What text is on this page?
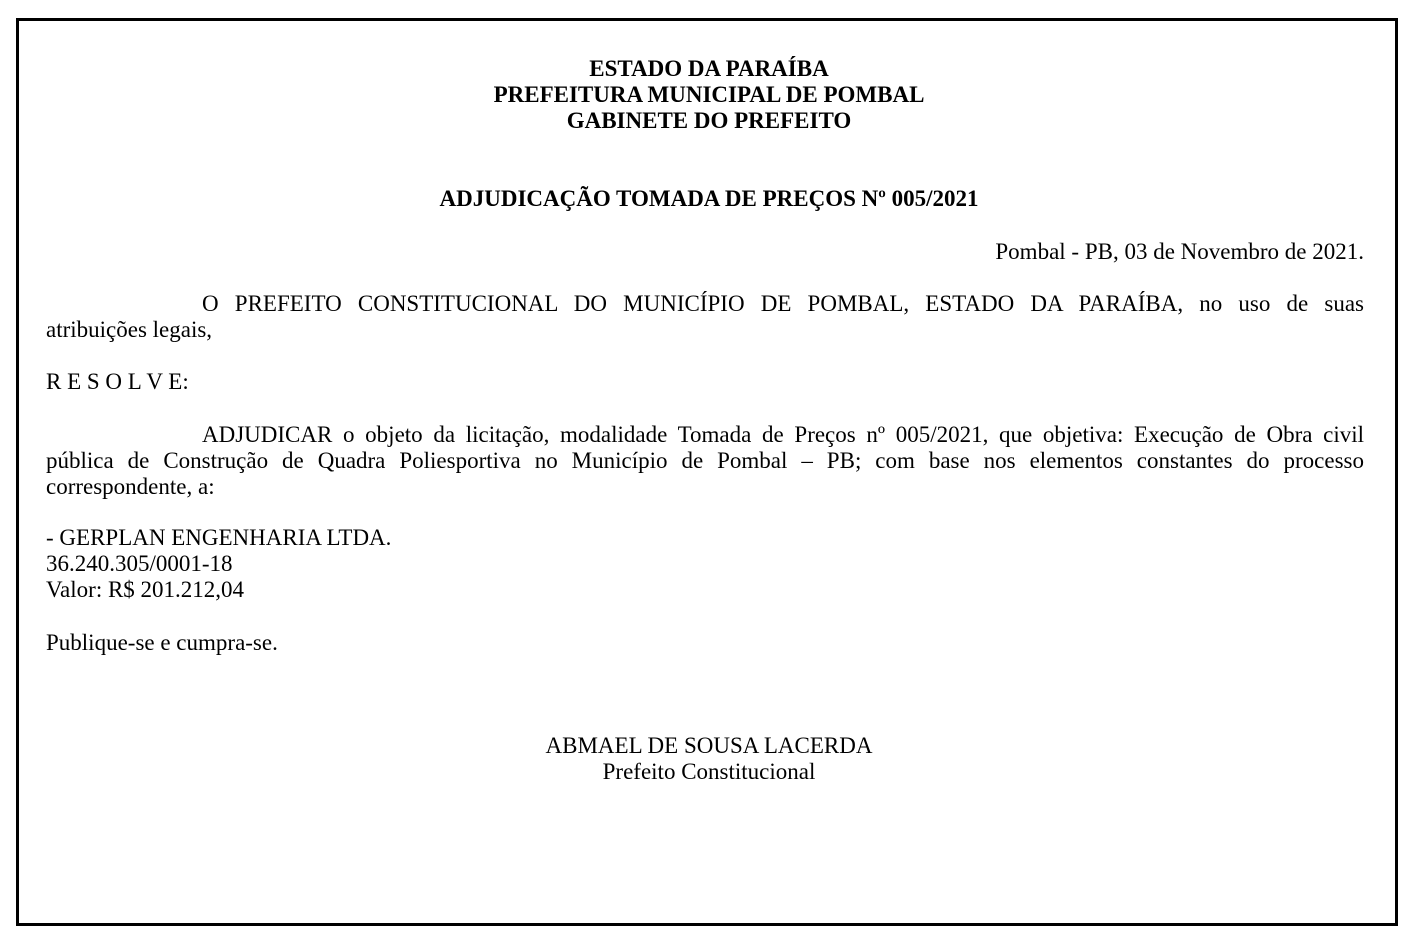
ESTADO DA PARAÍBA
PREFEITURA MUNICIPAL DE POMBAL
GABINETE DO PREFEITO
ADJUDICAÇÃO TOMADA DE PREÇOS Nº 005/2021
Pombal - PB, 03 de Novembro de 2021.
O PREFEITO CONSTITUCIONAL DO MUNICÍPIO DE POMBAL, ESTADO DA PARAÍBA, no uso de suas
atribuições legais,
R E S O L V E:
ADJUDICAR o objeto da licitação, modalidade Tomada de Preços nº 005/2021, que objetiva: Execução de Obra civil
pública de Construção de Quadra Poliesportiva no Município de Pombal – PB; com base nos elementos constantes do processo
correspondente, a:
- GERPLAN ENGENHARIA LTDA.
36.240.305/0001-18
Valor: R$ 201.212,04
Publique-se e cumpra-se.
ABMAEL DE SOUSA LACERDA
Prefeito Constitucional
